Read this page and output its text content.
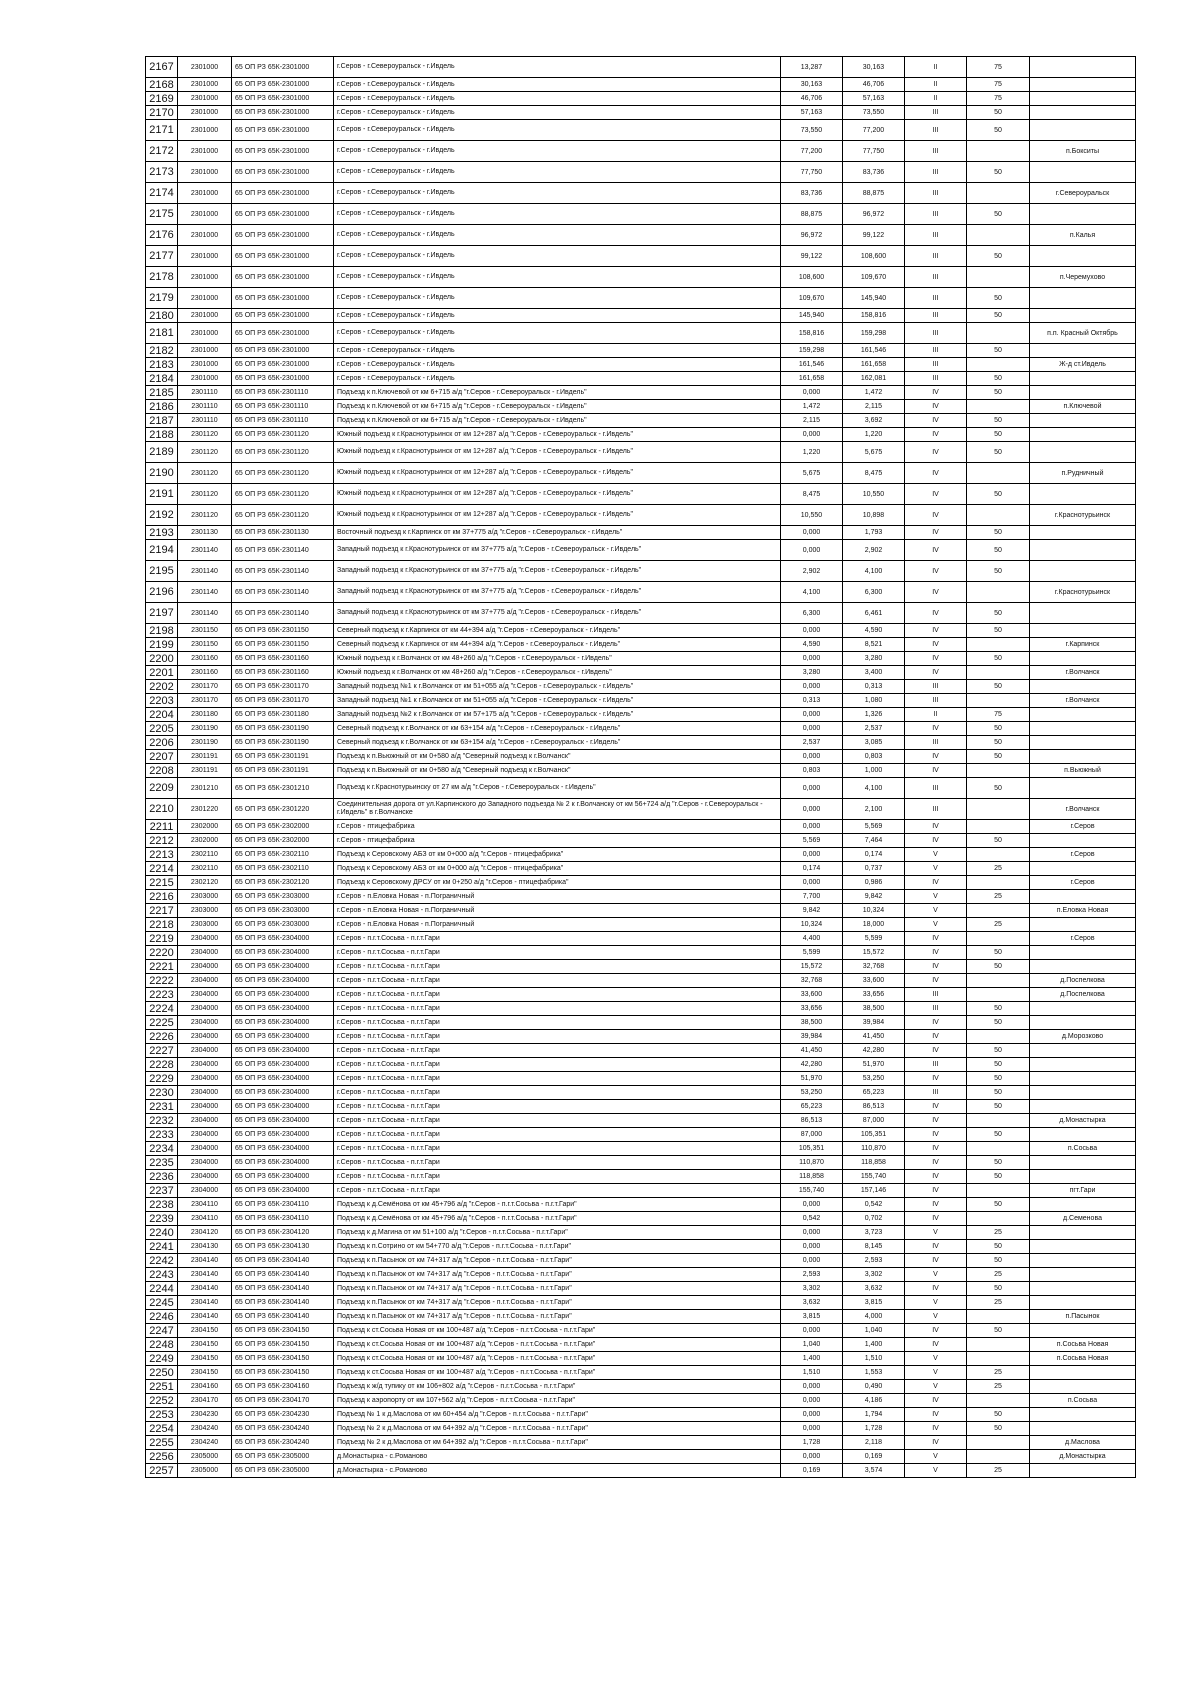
2167	2301000	65 ОП РЗ 65К-2301000	г.Серов - г.Североуральск - г.Ивдель	13,287	30,163	II	75	
2168	2301000	65 ОП РЗ 65К-2301000	г.Серов - г.Североуральск - г.Ивдель	30,163	46,706	II	75	
2169	2301000	65 ОП РЗ 65К-2301000	г.Серов - г.Североуральск - г.Ивдель	46,706	57,163	II	75	
2170	2301000	65 ОП РЗ 65К-2301000	г.Серов - г.Североуральск - г.Ивдель	57,163	73,550	III	50	
2171	2301000	65 ОП РЗ 65К-2301000	г.Серов - г.Североуральск - г.Ивдель	73,550	77,200	III	50	
2172	2301000	65 ОП РЗ 65К-2301000	г.Серов - г.Североуральск - г.Ивдель	77,200	77,750	III		п.Бокситы
2173	2301000	65 ОП РЗ 65К-2301000	г.Серов - г.Североуральск - г.Ивдель	77,750	83,736	III	50	
2174	2301000	65 ОП РЗ 65К-2301000	г.Серов - г.Североуральск - г.Ивдель	83,736	88,875	III		г.Североуральск
2175	2301000	65 ОП РЗ 65К-2301000	г.Серов - г.Североуральск - г.Ивдель	88,875	96,972	III	50	
2176	2301000	65 ОП РЗ 65К-2301000	г.Серов - г.Североуральск - г.Ивдель	96,972	99,122	III		п.Калья
2177	2301000	65 ОП РЗ 65К-2301000	г.Серов - г.Североуральск - г.Ивдель	99,122	108,600	III	50	
2178	2301000	65 ОП РЗ 65К-2301000	г.Серов - г.Североуральск - г.Ивдель	108,600	109,670	III		п.Черемухово
2179	2301000	65 ОП РЗ 65К-2301000	г.Серов - г.Североуральск - г.Ивдель	109,670	145,940	III	50	
2180	2301000	65 ОП РЗ 65К-2301000	г.Серов - г.Североуральск - г.Ивдель	145,940	158,816	III	50	
2181	2301000	65 ОП РЗ 65К-2301000	г.Серов - г.Североуральск - г.Ивдель	158,816	159,298	III		п.п. Красный Октябрь
2182	2301000	65 ОП РЗ 65К-2301000	г.Серов - г.Североуральск - г.Ивдель	159,298	161,546	III	50	
2183	2301000	65 ОП РЗ 65К-2301000	г.Серов - г.Североуральск - г.Ивдель	161,546	161,658	III		Ж-д ст.Ивдель
2184	2301000	65 ОП РЗ 65К-2301000	г.Серов - г.Североуральск - г.Ивдель	161,658	162,081	III	50	
2185	2301110	65 ОП РЗ 65К-2301110	Подъезд к п.Ключевой от км 6+715 а/д "г.Серов - г.Североуральск - г.Ивдель"	0,000	1,472	IV	50	
2186	2301110	65 ОП РЗ 65К-2301110	Подъезд к п.Ключевой от км 6+715 а/д "г.Серов - г.Североуральск - г.Ивдель"	1,472	2,115	IV		п.Ключевой
2187	2301110	65 ОП РЗ 65К-2301110	Подъезд к п.Ключевой от км 6+715 а/д "г.Серов - г.Североуральск - г.Ивдель"	2,115	3,692	IV	50	
2188	2301120	65 ОП РЗ 65К-2301120	Южный подъезд к г.Краснотурьинск от км 12+287 а/д "г.Серов - г.Североуральск - г.Ивдель"	0,000	1,220	IV	50	
2189	2301120	65 ОП РЗ 65К-2301120	Южный подъезд к г.Краснотурьинск от км 12+287 а/д "г.Серов - г.Североуральск - г.Ивдель"	1,220	5,675	IV	50	
2190	2301120	65 ОП РЗ 65К-2301120	Южный подъезд к г.Краснотурьинск от км 12+287 а/д "г.Серов - г.Североуральск - г.Ивдель"	5,675	8,475	IV		п.Рудничный
2191	2301120	65 ОП РЗ 65К-2301120	Южный подъезд к г.Краснотурьинск от км 12+287 а/д "г.Серов - г.Североуральск - г.Ивдель"	8,475	10,550	IV	50	
2192	2301120	65 ОП РЗ 65К-2301120	Южный подъезд к г.Краснотурьинск от км 12+287 а/д "г.Серов - г.Североуральск - г.Ивдель"	10,550	10,898	IV		г.Краснотурьинск
2193	2301130	65 ОП РЗ 65К-2301130	Восточный подъезд к г.Карпинск от км 37+775 а/д "г.Серов - г.Североуральск - г.Ивдель"	0,000	1,793	IV	50	
2194	2301140	65 ОП РЗ 65К-2301140	Западный подъезд к г.Краснотурьинск от км 37+775 а/д "г.Серов - г.Североуральск - г.Ивдель"	0,000	2,902	IV	50	
2195	2301140	65 ОП РЗ 65К-2301140	Западный подъезд к г.Краснотурьинск от км 37+775 а/д "г.Серов - г.Североуральск - г.Ивдель"	2,902	4,100	IV	50	
2196	2301140	65 ОП РЗ 65К-2301140	Западный подъезд к г.Краснотурьинск от км 37+775 а/д "г.Серов - г.Североуральск - г.Ивдель"	4,100	6,300	IV		г.Краснотурьинск
2197	2301140	65 ОП РЗ 65К-2301140	Западный подъезд к г.Краснотурьинск от км 37+775 а/д "г.Серов - г.Североуральск - г.Ивдель"	6,300	6,461	IV	50	
2198	2301150	65 ОП РЗ 65К-2301150	Северный подъезд к г.Карпинск от км 44+394 а/д "г.Серов - г.Североуральск - г.Ивдель"	0,000	4,590	IV	50	
2199	2301150	65 ОП РЗ 65К-2301150	Северный подъезд к г.Карпинск от км 44+394 а/д "г.Серов - г.Североуральск - г.Ивдель"	4,590	8,521	IV		г.Карпинск
2200	2301160	65 ОП РЗ 65К-2301160	Южный подъезд к г.Волчанск от км 48+260 а/д "г.Серов - г.Североуральск - г.Ивдель"	0,000	3,280	IV	50	
2201	2301160	65 ОП РЗ 65К-2301160	Южный подъезд к г.Волчанск от км 48+260 а/д "г.Серов - г.Североуральск - г.Ивдель"	3,280	3,400	IV		г.Волчанск
2202	2301170	65 ОП РЗ 65К-2301170	Западный подъезд №1 к г.Волчанск от км 51+055 а/д "г.Серов - г.Североуральск - г.Ивдель"	0,000	0,313	III	50	
2203	2301170	65 ОП РЗ 65К-2301170	Западный подъезд №1 к г.Волчанск от км 51+055 а/д "г.Серов - г.Североуральск - г.Ивдель"	0,313	1,080	III		г.Волчанск
2204	2301180	65 ОП РЗ 65К-2301180	Западный подъезд №2 к г.Волчанск от км 57+175 а/д "г.Серов - г.Североуральск - г.Ивдель"	0,000	1,326	II	75	
2205	2301190	65 ОП РЗ 65К-2301190	Северный подъезд к г.Волчанск от км 63+154 а/д "г.Серов - г.Североуральск - г.Ивдель"	0,000	2,537	IV	50	
2206	2301190	65 ОП РЗ 65К-2301190	Северный подъезд к г.Волчанск от км 63+154 а/д "г.Серов - г.Североуральск - г.Ивдель"	2,537	3,085	III	50	
2207	2301191	65 ОП РЗ 65К-2301191	Подъезд к п.Вьюжный от км 0+580 а/д "Северный подъезд к г.Волчанск"	0,000	0,803	IV	50	
2208	2301191	65 ОП РЗ 65К-2301191	Подъезд к п.Вьюжный от км 0+580 а/д "Северный подъезд к г.Волчанск"	0,803	1,000	IV		п.Вьюжный
2209	2301210	65 ОП РЗ 65К-2301210	Подъезд к г.Краснотурьинску от 27 км а/д "г.Серов - г.Североуральск - г.Ивдель"	0,000	4,100	III	50	
2210	2301220	65 ОП РЗ 65К-2301220	Соединительная дорога от ул.Карпинского до Западного подъезда № 2 к г.Волчанску от км 56+724 а/д "г.Серов - г.Североуральск - г.Ивдель" в г.Волчанске	0,000	2,100	III		г.Волчанск
2211	2302000	65 ОП РЗ 65К-2302000	г.Серов - птицефабрика	0,000	5,569	IV		г.Серов
2212	2302000	65 ОП РЗ 65К-2302000	г.Серов - птицефабрика	5,569	7,464	IV	50	
2213	2302110	65 ОП РЗ 65К-2302110	Подъезд к Серовскому АБЗ от км 0+000 а/д "г.Серов - птицефабрика"	0,000	0,174	V		г.Серов
2214	2302110	65 ОП РЗ 65К-2302110	Подъезд к Серовскому АБЗ от км 0+000 а/д "г.Серов - птицефабрика"	0,174	0,737	V	25	
2215	2302120	65 ОП РЗ 65К-2302120	Подъезд к Серовскому ДРСУ от км 0+250 а/д "г.Серов - птицефабрика"	0,000	0,986	IV		г.Серов
2216	2303000	65 ОП РЗ 65К-2303000	г.Серов - п.Еловка Новая - п.Пограничный	7,700	9,842	V	25	
2217	2303000	65 ОП РЗ 65К-2303000	г.Серов - п.Еловка Новая - п.Пограничный	9,842	10,324	V		п.Еловка Новая
2218	2303000	65 ОП РЗ 65К-2303000	г.Серов - п.Еловка Новая - п.Пограничный	10,324	18,000	V	25	
2219	2304000	65 ОП РЗ 65К-2304000	г.Серов - п.г.т.Сосьва - п.г.т.Гари	4,400	5,599	IV		г.Серов
2220	2304000	65 ОП РЗ 65К-2304000	г.Серов - п.г.т.Сосьва - п.г.т.Гари	5,599	15,572	IV	50	
2221	2304000	65 ОП РЗ 65К-2304000	г.Серов - п.г.т.Сосьва - п.г.т.Гари	15,572	32,768	IV	50	
2222	2304000	65 ОП РЗ 65К-2304000	г.Серов - п.г.т.Сосьва - п.г.т.Гари	32,768	33,600	IV		д.Поспелкова
2223	2304000	65 ОП РЗ 65К-2304000	г.Серов - п.г.т.Сосьва - п.г.т.Гари	33,600	33,656	III		д.Поспелкова
2224	2304000	65 ОП РЗ 65К-2304000	г.Серов - п.г.т.Сосьва - п.г.т.Гари	33,656	38,500	III	50	
2225	2304000	65 ОП РЗ 65К-2304000	г.Серов - п.г.т.Сосьва - п.г.т.Гари	38,500	39,984	IV	50	
2226	2304000	65 ОП РЗ 65К-2304000	г.Серов - п.г.т.Сосьва - п.г.т.Гари	39,984	41,450	IV		д.Морозково
2227	2304000	65 ОП РЗ 65К-2304000	г.Серов - п.г.т.Сосьва - п.г.т.Гари	41,450	42,280	IV	50	
2228	2304000	65 ОП РЗ 65К-2304000	г.Серов - п.г.т.Сосьва - п.г.т.Гари	42,280	51,970	III	50	
2229	2304000	65 ОП РЗ 65К-2304000	г.Серов - п.г.т.Сосьва - п.г.т.Гари	51,970	53,250	IV	50	
2230	2304000	65 ОП РЗ 65К-2304000	г.Серов - п.г.т.Сосьва - п.г.т.Гари	53,250	65,223	III	50	
2231	2304000	65 ОП РЗ 65К-2304000	г.Серов - п.г.т.Сосьва - п.г.т.Гари	65,223	86,513	IV	50	
2232	2304000	65 ОП РЗ 65К-2304000	г.Серов - п.г.т.Сосьва - п.г.т.Гари	86,513	87,000	IV		д.Монастырка
2233	2304000	65 ОП РЗ 65К-2304000	г.Серов - п.г.т.Сосьва - п.г.т.Гари	87,000	105,351	IV	50	
2234	2304000	65 ОП РЗ 65К-2304000	г.Серов - п.г.т.Сосьва - п.г.т.Гари	105,351	110,870	IV		п.Сосьва
2235	2304000	65 ОП РЗ 65К-2304000	г.Серов - п.г.т.Сосьва - п.г.т.Гари	110,870	118,858	IV	50	
2236	2304000	65 ОП РЗ 65К-2304000	г.Серов - п.г.т.Сосьва - п.г.т.Гари	118,858	155,740	IV	50	
2237	2304000	65 ОП РЗ 65К-2304000	г.Серов - п.г.т.Сосьва - п.г.т.Гари	155,740	157,146	IV		пгт.Гари
2238	2304110	65 ОП РЗ 65К-2304110	Подъезд к д.Семёнова от км 45+796 а/д "г.Серов - п.г.т.Сосьва - п.г.т.Гари"	0,000	0,542	IV	50	
2239	2304110	65 ОП РЗ 65К-2304110	Подъезд к д.Семёнова от км 45+796 а/д "г.Серов - п.г.т.Сосьва - п.г.т.Гари"	0,542	0,702	IV		д.Семенова
2240	2304120	65 ОП РЗ 65К-2304120	Подъезд к д.Магина от км 51+100 а/д "г.Серов - п.г.т.Сосьва - п.г.т.Гари"	0,000	3,723	V	25	
2241	2304130	65 ОП РЗ 65К-2304130	Подъезд к п.Сотрино от км 54+770 а/д "г.Серов - п.г.т.Сосьва - п.г.т.Гари"	0,000	8,145	IV	50	
2242	2304140	65 ОП РЗ 65К-2304140	Подъезд к п.Пасынок от км 74+317 а/д "г.Серов - п.г.т.Сосьва - п.г.т.Гари"	0,000	2,593	IV	50	
2243	2304140	65 ОП РЗ 65К-2304140	Подъезд к п.Пасынок от км 74+317 а/д "г.Серов - п.г.т.Сосьва - п.г.т.Гари"	2,593	3,302	V	25	
2244	2304140	65 ОП РЗ 65К-2304140	Подъезд к п.Пасынок от км 74+317 а/д "г.Серов - п.г.т.Сосьва - п.г.т.Гари"	3,302	3,632	IV	50	
2245	2304140	65 ОП РЗ 65К-2304140	Подъезд к п.Пасынок от км 74+317 а/д "г.Серов - п.г.т.Сосьва - п.г.т.Гари"	3,632	3,815	V	25	
2246	2304140	65 ОП РЗ 65К-2304140	Подъезд к п.Пасынок от км 74+317 а/д "г.Серов - п.г.т.Сосьва - п.г.т.Гари"	3,815	4,000	V		п.Пасынок
2247	2304150	65 ОП РЗ 65К-2304150	Подъезд к ст.Сосьва Новая от км 100+487 а/д "г.Серов - п.г.т.Сосьва - п.г.т.Гари"	0,000	1,040	IV	50	
2248	2304150	65 ОП РЗ 65К-2304150	Подъезд к ст.Сосьва Новая от км 100+487 а/д "г.Серов - п.г.т.Сосьва - п.г.т.Гари"	1,040	1,400	IV		п.Сосьва Новая
2249	2304150	65 ОП РЗ 65К-2304150	Подъезд к ст.Сосьва Новая от км 100+487 а/д "г.Серов - п.г.т.Сосьва - п.г.т.Гари"	1,400	1,510	V		п.Сосьва Новая
2250	2304150	65 ОП РЗ 65К-2304150	Подъезд к ст.Сосьва Новая от км 100+487 а/д "г.Серов - п.г.т.Сосьва - п.г.т.Гари"	1,510	1,553	V	25	
2251	2304160	65 ОП РЗ 65К-2304160	Подъезд к ж/д тупику от км 106+802 а/д "г.Серов - п.г.т.Сосьва - п.г.т.Гари"	0,000	0,490	V	25	
2252	2304170	65 ОП РЗ 65К-2304170	Подъезд к аэропорту от км 107+562 а/д "г.Серов - п.г.т.Сосьва - п.г.т.Гари"	0,000	4,186	IV		п.Сосьва
2253	2304230	65 ОП РЗ 65К-2304230	Подъезд № 1 к д.Маслова от км 60+454 а/д "г.Серов - п.г.т.Сосьва - п.г.т.Гари"	0,000	1,794	IV	50	
2254	2304240	65 ОП РЗ 65К-2304240	Подъезд № 2 к д.Маслова от км 64+392 а/д "г.Серов - п.г.т.Сосьва - п.г.т.Гари"	0,000	1,728	IV	50	
2255	2304240	65 ОП РЗ 65К-2304240	Подъезд № 2 к д.Маслова от км 64+392 а/д "г.Серов - п.г.т.Сосьва - п.г.т.Гари"	1,728	2,118	IV		д.Маслова
2256	2305000	65 ОП РЗ 65К-2305000	д.Монастырка - с.Романово	0,000	0,169	V		д.Монастырка
2257	2305000	65 ОП РЗ 65К-2305000	д.Монастырка - с.Романово	0,169	3,574	V	25	
